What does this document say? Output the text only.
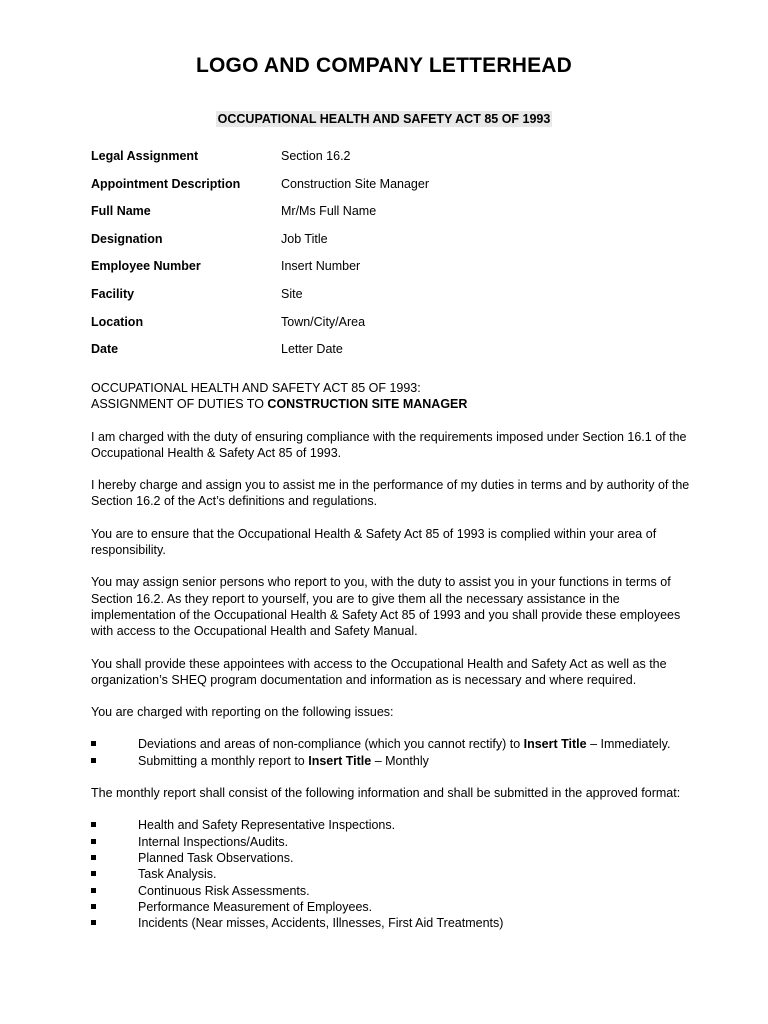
LOGO AND COMPANY LETTERHEAD
OCCUPATIONAL HEALTH AND SAFETY ACT 85 OF 1993
Legal Assignment	Section 16.2
Appointment Description	Construction Site Manager
Full Name	Mr/Ms Full Name
Designation	Job Title
Employee Number	Insert Number
Facility	Site
Location	Town/City/Area
Date	Letter Date

OCCUPATIONAL HEALTH AND SAFETY ACT 85 OF 1993:
ASSIGNMENT OF DUTIES TO CONSTRUCTION SITE MANAGER

I am charged with the duty of ensuring compliance with the requirements imposed under Section 16.1 of the Occupational Health & Safety Act 85 of 1993.

I hereby charge and assign you to assist me in the performance of my duties in terms and by authority of the Section 16.2 of the Act’s definitions and regulations.

You are to ensure that the Occupational Health & Safety Act 85 of 1993 is complied within your area of responsibility.

You may assign senior persons who report to you, with the duty to assist you in your functions in terms of Section 16.2. As they report to yourself, you are to give them all the necessary assistance in the implementation of the Occupational Health & Safety Act 85 of 1993 and you shall provide these employees with access to the Occupational Health and Safety Manual.

You shall provide these appointees with access to the Occupational Health and Safety Act as well as the organization’s SHEQ program documentation and information as is necessary and where required.

You are charged with reporting on the following issues:

Deviations and areas of non-compliance (which you cannot rectify) to Insert Title – Immediately.
Submitting a monthly report to Insert Title – Monthly

The monthly report shall consist of the following information and shall be submitted in the approved format:

Health and Safety Representative Inspections.
Internal Inspections/Audits.
Planned Task Observations.
Task Analysis.
Continuous Risk Assessments.
Performance Measurement of Employees.
Incidents (Near misses, Accidents, Illnesses, First Aid Treatments)
